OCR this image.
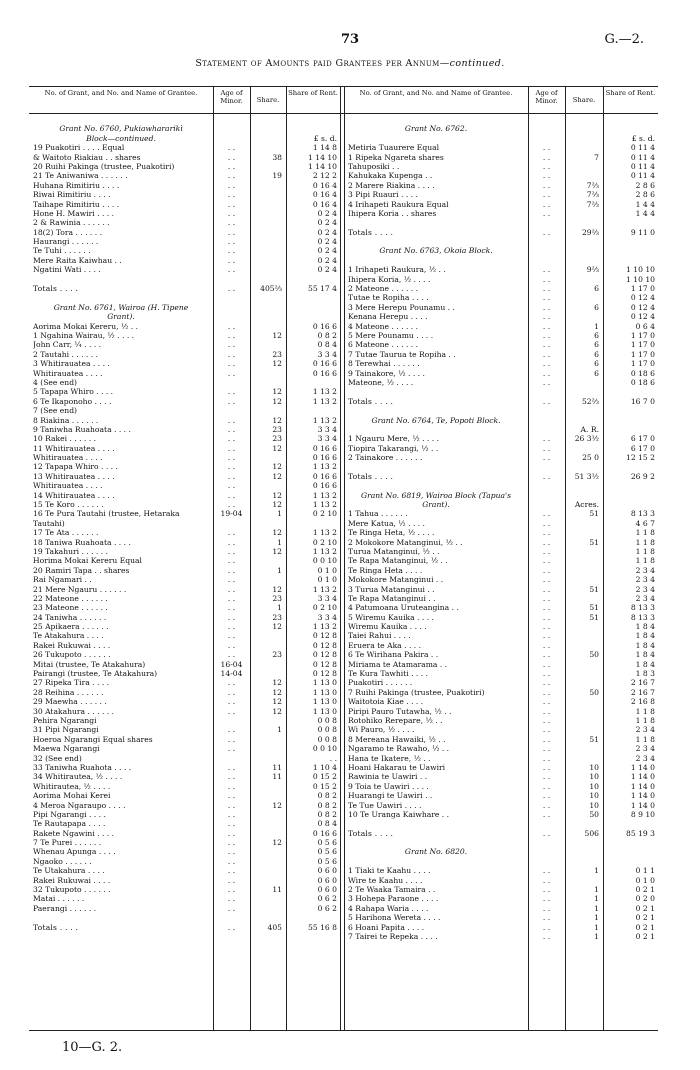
73	G.—2.
Statement of Amounts paid Grantees per Annum—continued.
No. of Grant, and No. and Name of Grantee.	Age of Minor.	Share.
Share of Rent.	No. of Grant, and No. and Name of Grantee.	Age of Minor.	Share.
Share of Rent.
Grant No. 6760, Pukiawhararikì
Block—continued.	£ s. d.
19 Puakotiri . . . . Equal	. .	1 14 8
& Waitoto Riakiau . . shares	. .	38	1 14 10
20 Ruihi Pakinga (trustee, Puakotiri)	. .	1 14 10
21 Te Aniwaniwa . . . . . .	. .	19	2 12 2
Huhana Rimitiriu . . . .	. .	0 16 4
Riwai Rimitiriu . . . .	. .	0 16 4
Taihape Rimitiriu . . . .	. .	0 16 4
Hone H. Mawiri . . . .	. .	0 2 4
2 & Rawinia . . . . . .	. .	0 2 4
18(2) Tora . . . . . .	. .	0 2 4
Haurangi . . . . . .	. .	0 2 4
Te Tuhi . . . . . .	. .	0 2 4
Mere Raita Kaiwhau . .	. .	0 2 4
Ngatini Wati . . . .	. .	0 2 4
Totals . . . .	. .	405⅔	55 17 4
Grant No. 6761, Wairoa (H. Tipene
Grant).
Aorima Mokai Kereru, ½ . .	. .	0 16 6
1 Ngahina Wairau, ½ . . . .	. .	12	0 8 2
John Carr, ¼ . . . .	. .	0 8 4
2 Tautahi . . . . . .	. .	23	3 3 4
3 Whitirauatea . . . .	. .	12	0 16 6
Whitirauatea . . . .	. .	0 16 6
4 (See end)
5 Tapapa Whiro . . . .	. .	12	1 13 2
6 Te Ikaponoho . . . .	. .	12	1 13 2
7 (See end)
8 Riakina . . . . . .	. .	12	1 13 2
9 Taniwha Ruahoata . . . .	. .	23	3 3 4
10 Rakei . . . . . .	. .	23	3 3 4
11 Whitirauatea . . . .	. .	12	0 16 6
Whitirauatea . . . .	. .	0 16 6
12 Tapapa Whiro . . . .	. .	12	1 13 2
13 Whitirauatea . . . .	. .	12	0 16 6
Whitirauatea . . . .	. .	0 16 6
14 Whitirauatea . . . .	. .	12	1 13 2
15 Te Koro . . . . . .	. .	12	1 13 2
16 Te Pura Tautahi (trustee, Hetaraka	19-04	1	0 2 10
Tautahi)
17 Te Ata . . . . . .	. .	12	1 13 2
18 Taniwa Ruahoata . . . .	. .	1	0 2 10
19 Takahuri . . . . . .	. .	12	1 13 2
Horima Mokai Kereru Equal	. .	0 0 10
20 Ramiri Tapa . . shares	. .	1	0 1 0
Rai Ngamari . .	. .	0 1 0
21 Mere Ngauru . . . . . .	. .	12	1 13 2
22 Mateone . . . . . .	. .	23	3 3 4
23 Mateone . . . . . .	. .	1	0 2 10
24 Taniwha . . . . . .	. .	23	3 3 4
25 Apikaera . . . . . .	. .	12	1 13 2
Te Atakahura . . . .	. .	0 12 8
Rakei Rukuwai . . . .	. .	0 12 8
26 Tukupoto . . . . . .	. .	23	0 12 8
Mitai (trustee, Te Atakahura)	16-04	0 12 8
Pairangi (trustee, Te Atakahura)	14-04	0 12 8
27 Ripeka Tira . . . .	. .	12	1 13 0
28 Reihina . . . . . .	. .	12	1 13 0
29 Maewha . . . . . .	. .	12	1 13 0
30 Atakahura . . . . . .	. .	12	1 13 0
Pehira Ngarangi	0 0 8
31 Pipi Ngarangi	. .	1	0 0 8
Hoeroa Ngarangi Equal shares	. .	0 0 8
Maewa Ngarangi	. .	0 0 10
32 (See end)	. .
33 Taniwha Ruahota . . . .	. .	11	1 10 4
34 Whitirautea, ½ . . . .	. .	11	0 15 2
Whitirautea, ½ . . . .	. .	0 15 2
Aorima Mohai Kerei	. .	0 8 2
4 Meroa Ngaraupo . . . .	. .	12	0 8 2
Pipi Ngarangi . . . .	. .	0 8 2
Te Rautapapa . . . .	. .	0 8 4
Rakete Ngawini . . . .	. .	0 16 6
7 Te Purei . . . . . .	. .	12	0 5 6
Whenau Apunga . . . .	. .	0 5 6
Ngaoko . . . . . .	. .	0 5 6
Te Utakahura . . . .	. .	0 6 0
Rakei Rukuwai . . . .	. .	0 6 0
32 Tukupoto . . . . . .	. .	11	0 6 0
Matai . . . . . .	. .	0 6 2
Paerangi . . . . . .	. .	0 6 2
Totals . . . .	. .	405	55 16 8
Grant No. 6762.
£ s. d.
Metiria Tuaurere Equal	. .	0 11 4
1 Ripeka Ngareta shares	. .	7	0 11 4
Tahuposiki . .	. .	0 11 4
Kahukaka Kupenga . .	. .	0 11 4
2 Marere Riakina . . . .	. .	7⅔	2 8 6
3 Pipi Ruauri . . . .	. .	7⅔	2 8 6
4 Irihapeti Raukura Equal	. .	7⅔	1 4 4
Ihipera Koria . . shares	. .	1 4 4
Totals . . . .	. .	29⅔	9 11 0
Grant No. 6763, Okoia Block.
1 Irihapeti Raukura, ½ . .	. .	9⅔	1 10 10
Ihipera Koria, ½ . . . .	. .	1 10 10
2 Mateone . . . . . .	. .	6	1 17 0
Tutae te Ropiha . . . .	. .	0 12 4
3 Mere Herepu Pounamu . .	. .	6	0 12 4
Kenana Herepu . . . .	. .	0 12 4
4 Mateone . . . . . .	. .	1	0 6 4
5 Mere Pounamu . . . .	. .	6	1 17 0
6 Mateone . . . . . .	. .	6	1 17 0
7 Tutae Taurua te Ropiha . .	. .	6	1 17 0
8 Terewhai . . . . . .	. .	6	1 17 0
9 Tainakore, ½ . . . .	. .	6	0 18 6
Mateone, ½ . . . .	. .	0 18 6
Totals . . . .	. .	52⅔	16 7 0
Grant No. 6764, Te, Popoti Block.
A. R.
1 Ngauru Mere, ½ . . . .	. .	26 3½	6 17 0
Tiopira Takarangi, ½ . .	. .	6 17 0
2 Tainakore . . . . . .	. .	25 0	12 15 2
Totals . . . .	. .	51 3½	26 9 2
Grant No. 6819, Wairoa Block (Tapua's
Grant).	Acres.
1 Tahua . . . . . .	. .	51	8 13 3
Mere Katua, ½ . . . .	. .	4 6 7
Te Ringa Heta, ½ . . . .	. .	1 1 8
2 Mokokore Matanginui, ½ . .	. .	51	1 1 8
Turua Matanginui, ½ . .	. .	1 1 8
Te Rapa Matanginui, ½ . .	. .	1 1 8
Te Ringa Heta . . . .	. .	2 3 4
Mokokore Matanginui . .	. .	2 3 4
3 Turua Matanginui . .	. .	51	2 3 4
Te Rapa Matanginui . .	. .	2 3 4
4 Patumoana Uruteangina . .	. .	51	8 13 3
5 Wiremu Kauika . . . .	. .	51	8 13 3
Wiremu Kauika . . . .	. .	1 8 4
Taiei Rahui . . . .	. .	1 8 4
Eruera te Aka . . . .	. .	1 8 4
6 Te Wirihana Pakira . .	. .	50	1 8 4
Miriama te Atamarama . .	. .	1 8 4
Te Kura Tawhiti . . . .	. .	1 8 3
Puakotiri . . . . . .	. .	2 16 7
7 Ruihi Pakinga (trustee, Puakotiri)	. .	50	2 16 7
Waitotoia Kiae . . . .	. .	2 16 8
Piripi Pauro Tutawha, ½ . .	. .	1 1 8
Rotohiko Rerepare, ½ . .	. .	1 1 8
Wi Pauro, ½ . . . .	. .	2 3 4
8 Mereana Hawaiki, ½ . .	. .	51	1 1 8
Ngaramo te Rawaho, ½ . .	. .	2 3 4
Hana te Ikatere, ½ . .	. .	2 3 4
Hoani Hakarau te Uawiri	. .	10	1 14 0
Rawinia te Uawiri . .	. .	10	1 14 0
9 Toia te Uawiri . . . .	. .	10	1 14 0
Huarangi te Uawiri . .	. .	10	1 14 0
Te Tue Uawiri . . . .	. .	10	1 14 0
10 Te Uranga Kaiwhare . .	. .	50	8 9 10
Totals . . . .	. .	506	85 19 3
Grant No. 6820.
1 Tiaki te Kaahu . . . .	. .	1	0 1 1
Wire te Kaahu . . . .	. .	0 1 0
2 Te Waaka Tamaira . .	. .	1	0 2 1
3 Hohepa Paraone . . . .	. .	1	0 2 0
4 Rahapa Waria . . . .	. .	1	0 2 1
5 Harihona Wereta . . . .	. .	1	0 2 1
6 Hoani Papita . . . .	. .	1	0 2 1
7 Tairei te Repeka . . . .	. .	1	0 2 1
10—G. 2.
